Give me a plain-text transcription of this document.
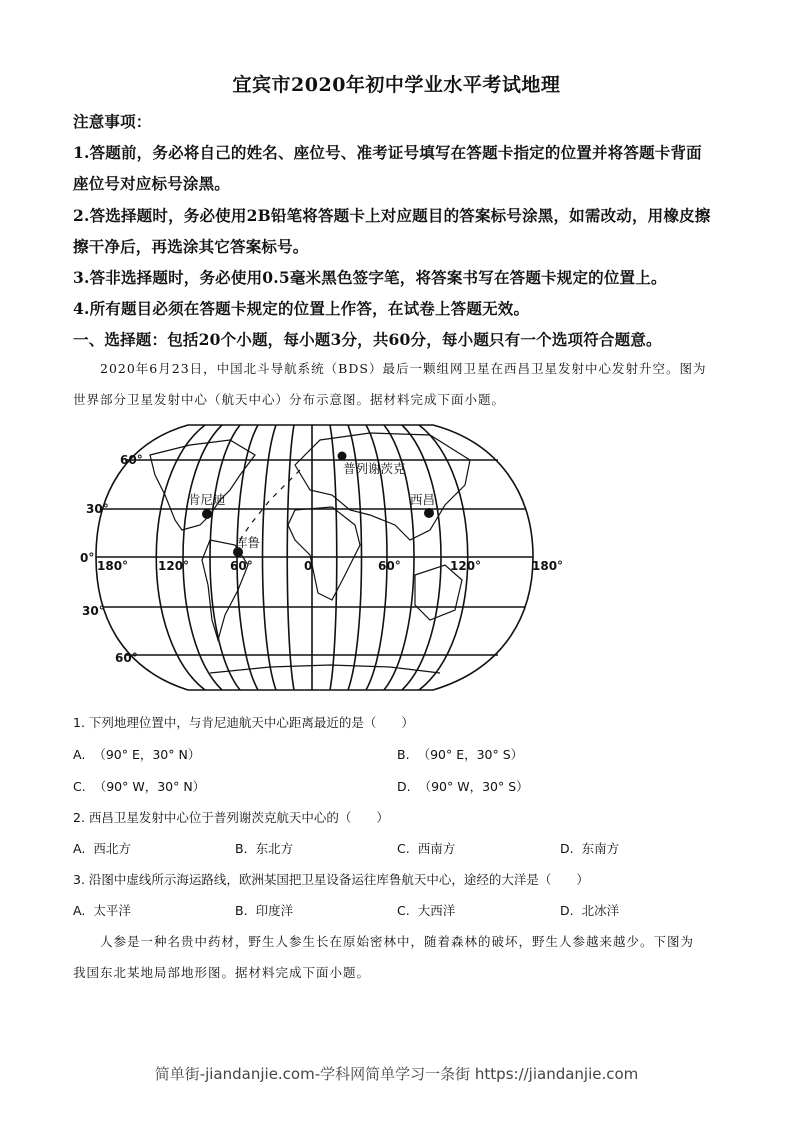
宜宾市2020年初中学业水平考试地理
注意事项：
1.答题前，务必将自己的姓名、座位号、准考证号填写在答题卡指定的位置并将答题卡背面
座位号对应标号涂黑。
2.答选择题时，务必使用2B铅笔将答题卡上对应题目的答案标号涂黑，如需改动，用橡皮擦
擦干净后，再选涂其它答案标号。
3.答非选择题时，务必使用0.5毫米黑色签字笔，将答案书写在答题卡规定的位置上。
4.所有题目必须在答题卡规定的位置上作答，在试卷上答题无效。
一、选择题：包括20个小题，每小题3分，共60分，每小题只有一个选项符合题意。
2020年6月23日，中国北斗导航系统（BDS）最后一颗组网卫星在西昌卫星发射中心发射升空。图为
世界部分卫星发射中心（航天中心）分布示意图。据材料完成下面小题。
普列谢茨克
肯尼迪
库鲁
西昌
60°
30°
0°
30°
60°
180° 120°	60°	0	60°	120°	180°
1. 下列地理位置中，与肯尼迪航天中心距离最近的是（　　）
A. （90° E，30° N）	B. （90° E，30° S）
C. （90° W，30° N）	D. （90° W，30° S）
2. 西昌卫星发射中心位于普列谢茨克航天中心的（　　）
A. 西北方	B. 东北方	C. 西南方	D. 东南方
3. 沿图中虚线所示海运路线，欧洲某国把卫星设备运往库鲁航天中心，途经的大洋是（　　）
A. 太平洋	B. 印度洋	C. 大西洋	D. 北冰洋
人参是一种名贵中药材，野生人参生长在原始密林中，随着森林的破坏，野生人参越来越少。下图为
我国东北某地局部地形图。据材料完成下面小题。
简单街-jiandanjie.com-学科网简单学习一条街 https://jiandanjie.com
